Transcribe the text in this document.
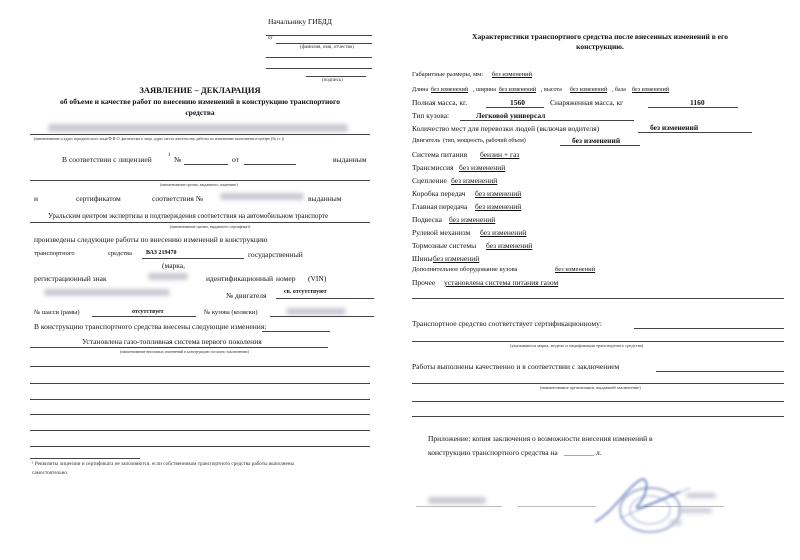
Начальнику ГИБДД
от
(фамилия, имя, отчество)
(подпись)
ЗАЯВЛЕНИЕ – ДЕКЛАРАЦИЯ
об объеме и качестве работ по внесению изменений в конструкцию транспортного
средства
(наименование и адрес юридического лица/Ф.И.О. физического лица, адрес места жительства, работы по изменению выполнены в центре (№ гс.))
В соответствии с лицензией	1 №	от	выданным
(наименование органа, выдавшего лицензию)
и	сертификатом	соответствия №	выданным
Уральским центром экспертизы и подтверждения соответствия на автомобильном транспорте
(наименование органа, выдавшего сертификат)
произведены следующие работы по внесению изменений в конструкцию
транспортного	средства ВАЗ 219470	государственный
(марка,
регистрационный знак	идентификационный номер (VIN)
№ двигателя	св. отсутствуют
№ шасси (рамы)	отсутствует	№ кузова (коляски)
В конструкцию транспортного средства внесены следующие изменения:
Установлена газо-топливная система первого поколения
(наименование вносимых изменений в конструкцию согласно заключению)
¹ Реквизиты лицензии и сертификата не заполняются, если собственником транспортного средства работы выполнены
самостоятельно.
Характеристики транспортного средства после внесенных изменений в его
конструкцию.
Габаритные размеры, мм: без изменений
Длина без изменений , ширина без изменений , высота без изменений , база без изменений
Полная масса, кг.	1560	Снаряженная масса, кг	1160
Тип кузова:	Легковой универсал
Количество мест для перевозки людей (включая водителя)	без изменений
Двигатель (тип, мощность, рабочий объем)	без изменений
Система питания бензин + газ
Трансмиссия без изменений
Сцепление без изменений
Коробка передач без изменений
Главная передача без изменений
Подвеска без изменений
Рулевой механизм без изменений
Тормозные системы без изменений
Шины без изменений
Дополнительное оборудование кузова	без изменений
Прочее установлена система питания газом
Транспортное средство соответствует сертификационному:
(указываются марка, модель и модификация транспортного средства)
Работы выполнены качественно и в соответствии с заключением
(наименование организации, выдавшей заключение)
Приложение: копия заключения о возможности внесения изменений в
конструкцию транспортного средства на ________ л.
